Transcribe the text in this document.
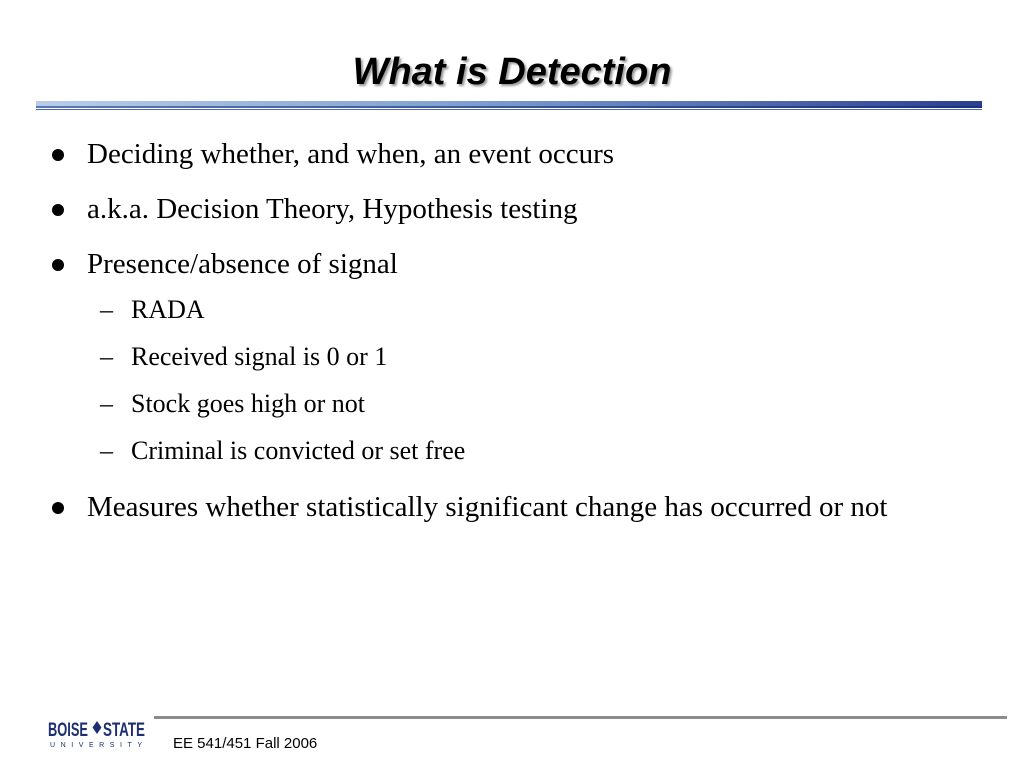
What is Detection
Deciding whether, and when, an event occurs
a.k.a. Decision Theory, Hypothesis testing
Presence/absence of signal
– RADA
– Received signal is 0 or 1
– Stock goes high or not
– Criminal is convicted or set free
Measures whether statistically significant change has occurred or not
BOISE STATE
UNIVERSITY EE 541/451 Fall 2006
